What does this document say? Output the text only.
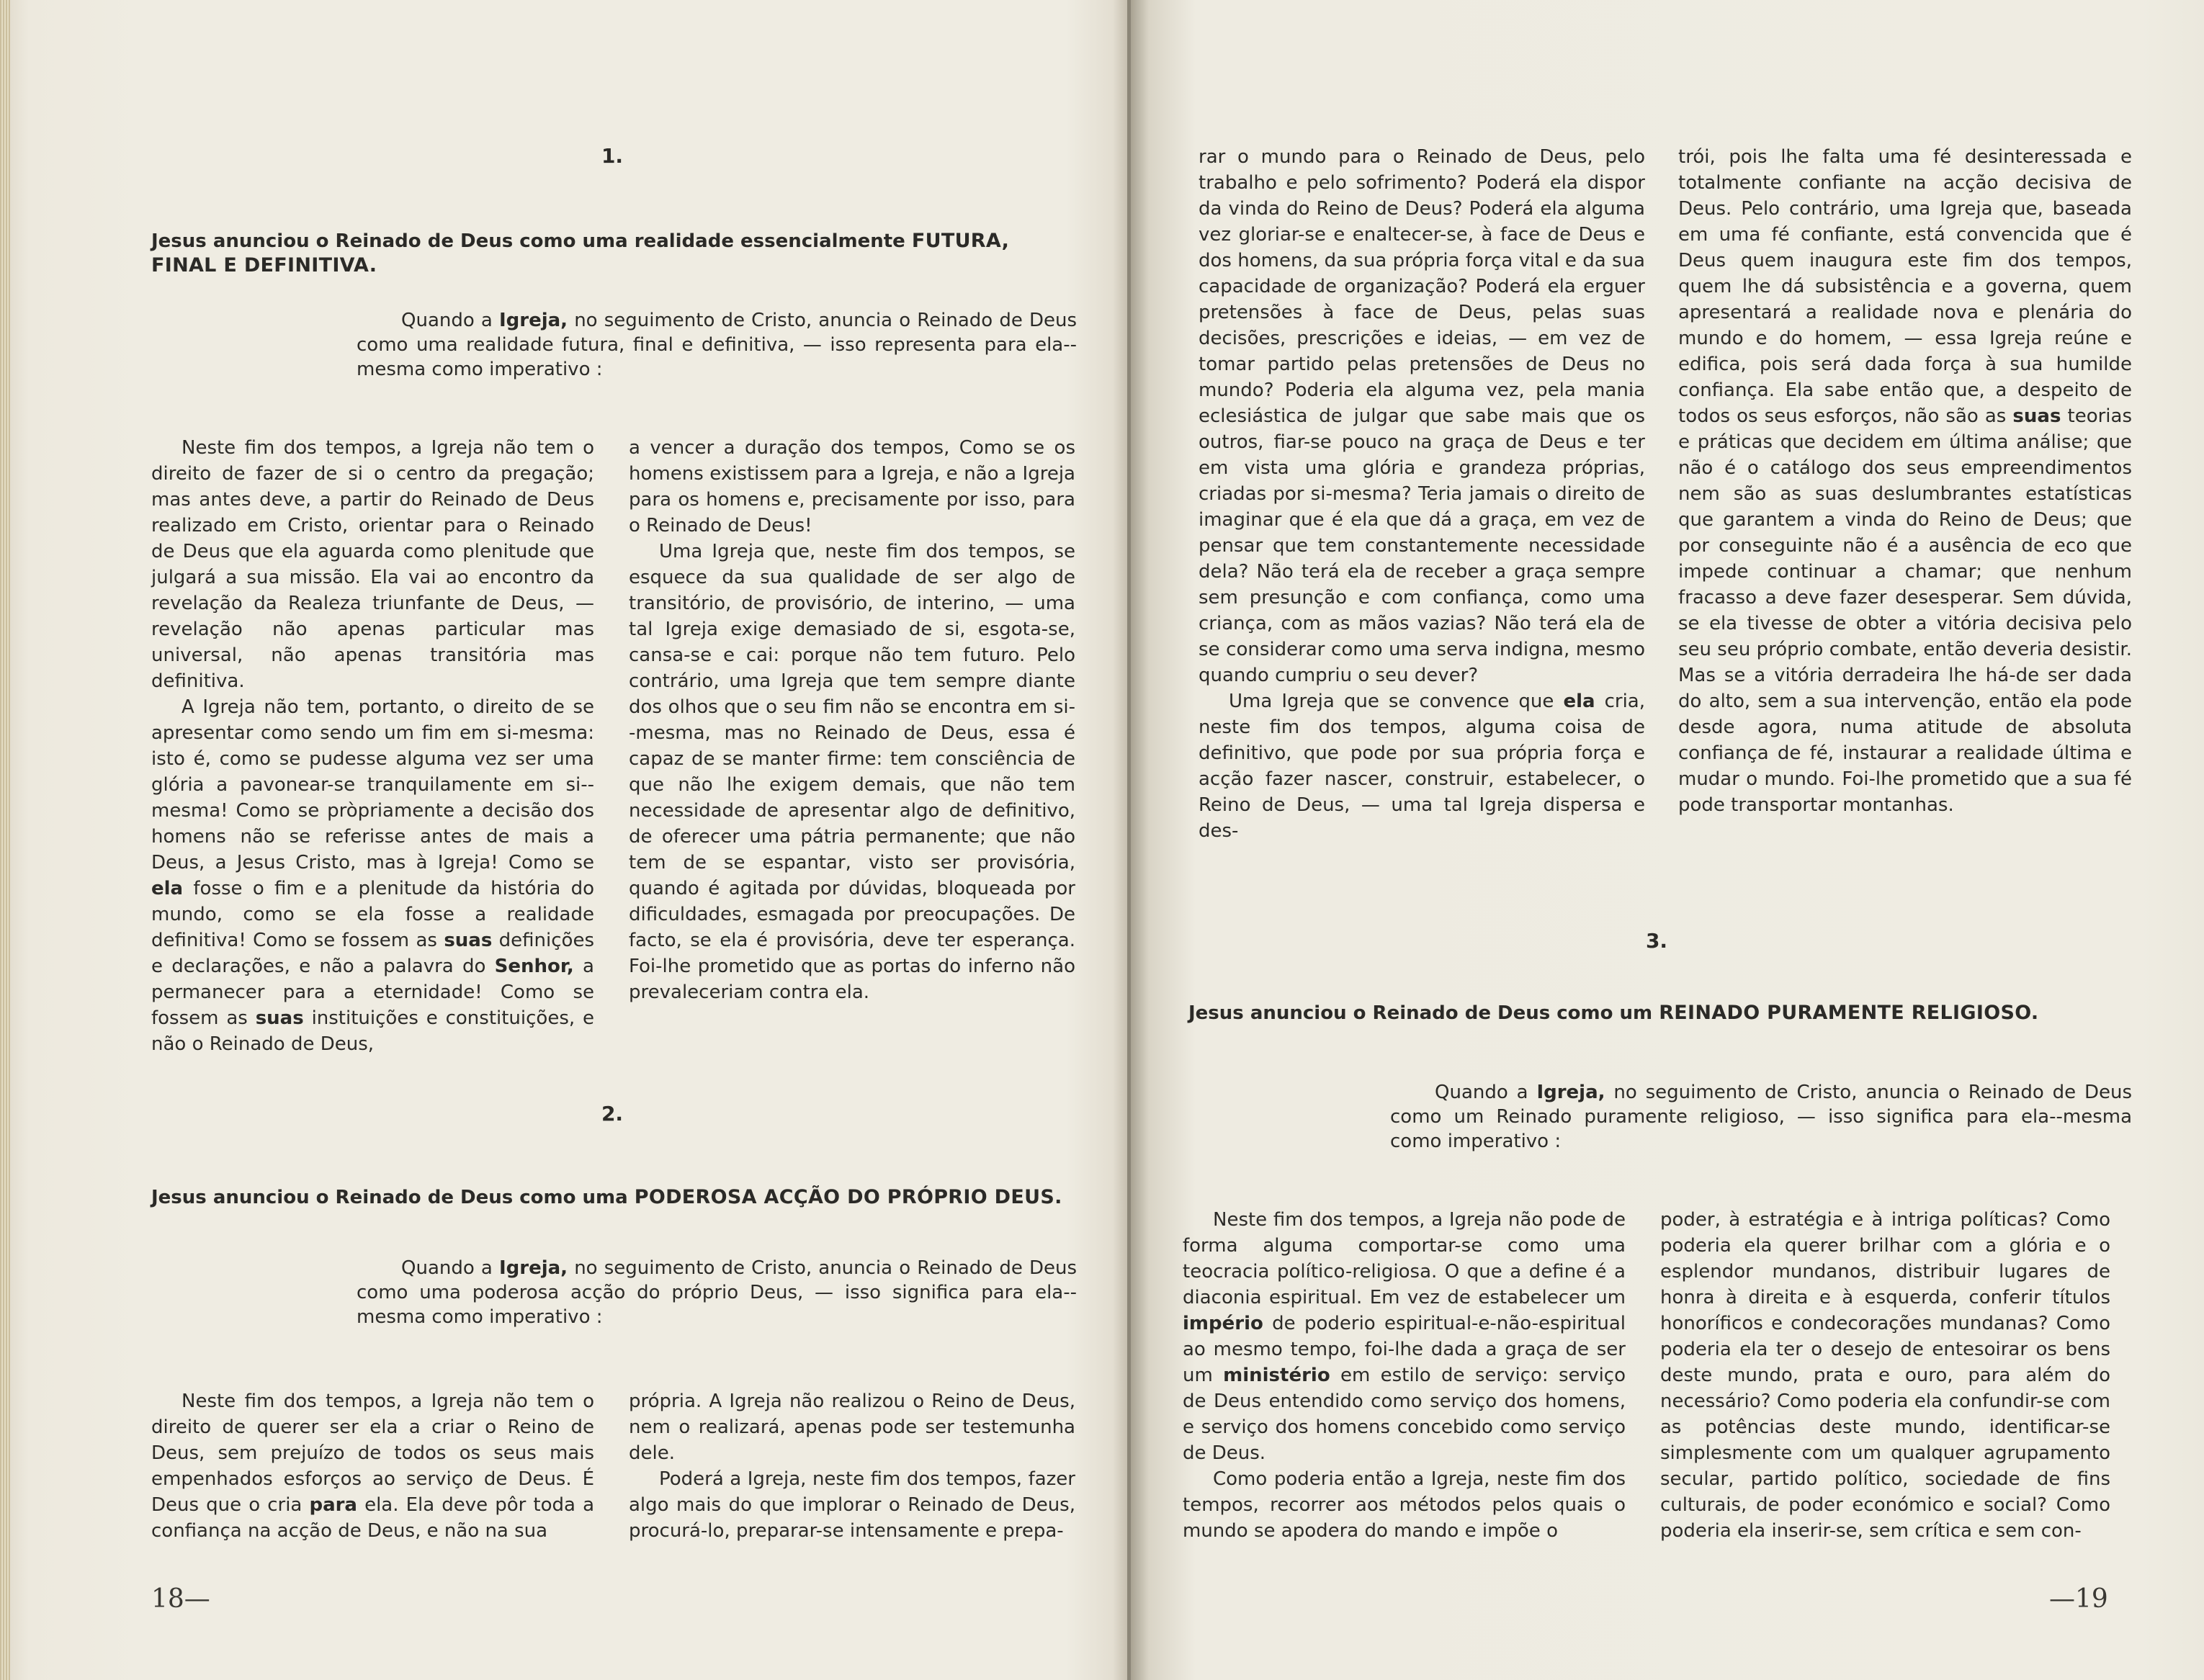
1.
Jesus anunciou o Reinado de Deus como uma realidade essencialmente FUTURA, FINAL E DEFINITIVA.

Quando a Igreja, no seguimento de Cristo, anuncia o Reinado de Deus como uma realidade futura, final e definitiva, — isso representa para ela--mesma como imperativo :

Neste fim dos tempos, a Igreja não tem o direito de fazer de si o centro da pregação; mas antes deve, a partir do Reinado de Deus realizado em Cristo, orientar para o Reinado de Deus que ela aguarda como plenitude que julgará a sua missão. Ela vai ao encontro da revelação da Realeza triunfante de Deus, — revelação não apenas particular mas universal, não apenas transitória mas definitiva.

A Igreja não tem, portanto, o direito de se apresentar como sendo um fim em si-mesma: isto é, como se pudesse alguma vez ser uma glória a pavonear-se tranquilamente em si--mesma! Como se pròpriamente a decisão dos homens não se referisse antes de mais a Deus, a Jesus Cristo, mas à Igreja! Como se ela fosse o fim e a plenitude da história do mundo, como se ela fosse a realidade definitiva! Como se fossem as suas definições e declarações, e não a palavra do Senhor, a permanecer para a eternidade! Como se fossem as suas instituições e constituições, e não o Reinado de Deus,

a vencer a duração dos tempos, Como se os homens existissem para a Igreja, e não a Igreja para os homens e, precisamente por isso, para o Reinado de Deus!

Uma Igreja que, neste fim dos tempos, se esquece da sua qualidade de ser algo de transitório, de provisório, de interino, — uma tal Igreja exige demasiado de si, esgota-se, cansa-se e cai: porque não tem futuro. Pelo contrário, uma Igreja que tem sempre diante dos olhos que o seu fim não se encontra em si--mesma, mas no Reinado de Deus, essa é capaz de se manter firme: tem consciência de que não lhe exigem demais, que não tem necessidade de apresentar algo de definitivo, de oferecer uma pátria permanente; que não tem de se espantar, visto ser provisória, quando é agitada por dúvidas, bloqueada por dificuldades, esmagada por preocupações. De facto, se ela é provisória, deve ter esperança. Foi-lhe prometido que as portas do inferno não prevaleceriam contra ela.

2.
Jesus anunciou o Reinado de Deus como uma PODEROSA ACÇÃO DO PRÓPRIO DEUS.

Quando a Igreja, no seguimento de Cristo, anuncia o Reinado de Deus como uma poderosa acção do próprio Deus, — isso significa para ela--mesma como imperativo :

Neste fim dos tempos, a Igreja não tem o direito de querer ser ela a criar o Reino de Deus, sem prejuízo de todos os seus mais empenhados esforços ao serviço de Deus. É Deus que o cria para ela. Ela deve pôr toda a confiança na acção de Deus, e não na sua

própria. A Igreja não realizou o Reino de Deus, nem o realizará, apenas pode ser testemunha dele.

Poderá a Igreja, neste fim dos tempos, fazer algo mais do que implorar o Reinado de Deus, procurá-lo, preparar-se intensamente e prepa-

18—

rar o mundo para o Reinado de Deus, pelo trabalho e pelo sofrimento? Poderá ela dispor da vinda do Reino de Deus? Poderá ela alguma vez gloriar-se e enaltecer-se, à face de Deus e dos homens, da sua própria força vital e da sua capacidade de organização? Poderá ela erguer pretensões à face de Deus, pelas suas decisões, prescrições e ideias, — em vez de tomar partido pelas pretensões de Deus no mundo? Poderia ela alguma vez, pela mania eclesiástica de julgar que sabe mais que os outros, fiar-se pouco na graça de Deus e ter em vista uma glória e grandeza próprias, criadas por si-mesma? Teria jamais o direito de imaginar que é ela que dá a graça, em vez de pensar que tem constantemente necessidade dela? Não terá ela de receber a graça sempre sem presunção e com confiança, como uma criança, com as mãos vazias? Não terá ela de se considerar como uma serva indigna, mesmo quando cumpriu o seu dever?

Uma Igreja que se convence que ela cria, neste fim dos tempos, alguma coisa de definitivo, que pode por sua própria força e acção fazer nascer, construir, estabelecer, o Reino de Deus, — uma tal Igreja dispersa e des-

trói, pois lhe falta uma fé desinteressada e totalmente confiante na acção decisiva de Deus. Pelo contrário, uma Igreja que, baseada em uma fé confiante, está convencida que é Deus quem inaugura este fim dos tempos, quem lhe dá subsistência e a governa, quem apresentará a realidade nova e plenária do mundo e do homem, — essa Igreja reúne e edifica, pois será dada força à sua humilde confiança. Ela sabe então que, a despeito de todos os seus esforços, não são as suas teorias e práticas que decidem em última análise; que não é o catálogo dos seus empreendimentos nem são as suas deslumbrantes estatísticas que garantem a vinda do Reino de Deus; que por conseguinte não é a ausência de eco que impede continuar a chamar; que nenhum fracasso a deve fazer desesperar. Sem dúvida, se ela tivesse de obter a vitória decisiva pelo seu seu próprio combate, então deveria desistir. Mas se a vitória derradeira lhe há-de ser dada do alto, sem a sua intervenção, então ela pode desde agora, numa atitude de absoluta confiança de fé, instaurar a realidade última e mudar o mundo. Foi-lhe prometido que a sua fé pode transportar montanhas.

3.
Jesus anunciou o Reinado de Deus como um REINADO PURAMENTE RELIGIOSO.

Quando a Igreja, no seguimento de Cristo, anuncia o Reinado de Deus como um Reinado puramente religioso, — isso significa para ela--mesma como imperativo :

Neste fim dos tempos, a Igreja não pode de forma alguma comportar-se como uma teocracia político-religiosa. O que a define é a diaconia espiritual. Em vez de estabelecer um império de poderio espiritual-e-não-espiritual ao mesmo tempo, foi-lhe dada a graça de ser um ministério em estilo de serviço: serviço de Deus entendido como serviço dos homens, e serviço dos homens concebido como serviço de Deus.

Como poderia então a Igreja, neste fim dos tempos, recorrer aos métodos pelos quais o mundo se apodera do mando e impõe o

poder, à estratégia e à intriga políticas? Como poderia ela querer brilhar com a glória e o esplendor mundanos, distribuir lugares de honra à direita e à esquerda, conferir títulos honoríficos e condecorações mundanas? Como poderia ela ter o desejo de entesoirar os bens deste mundo, prata e ouro, para além do necessário? Como poderia ela confundir-se com as potências deste mundo, identificar-se simplesmente com um qualquer agrupamento secular, partido político, sociedade de fins culturais, de poder económico e social? Como poderia ela inserir-se, sem crítica e sem con-

—19
